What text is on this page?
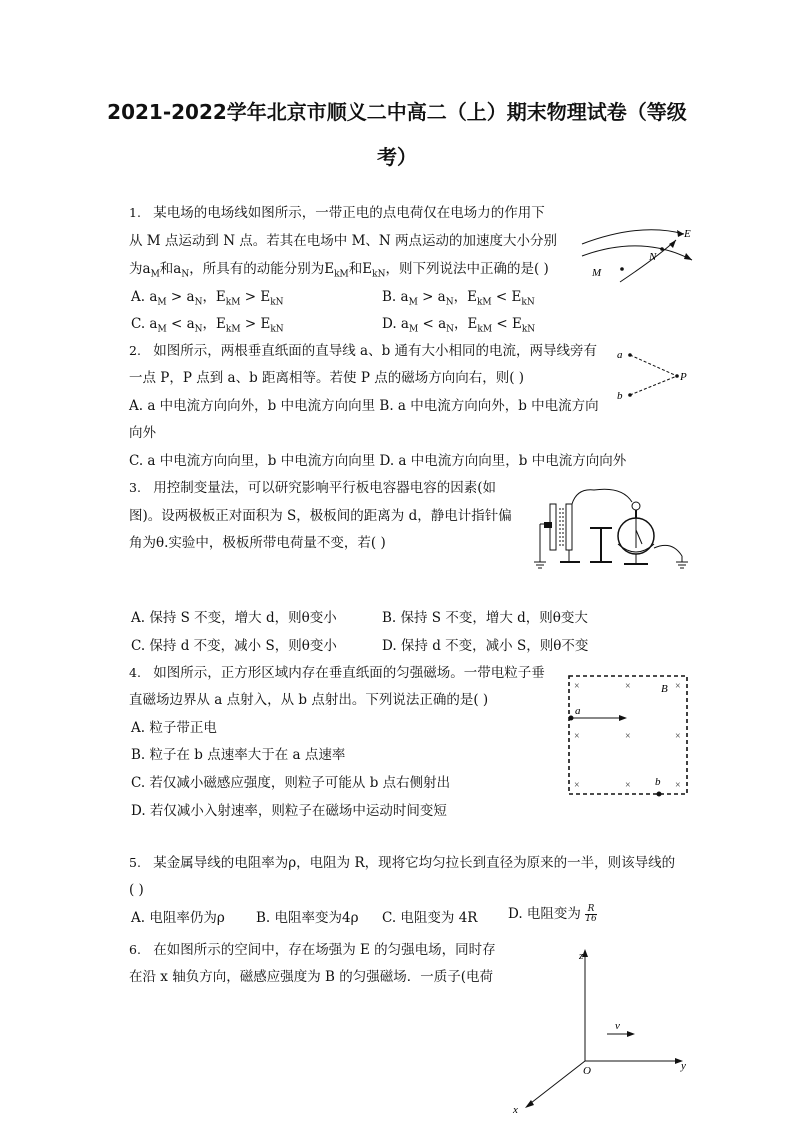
2021-2022学年北京市顺义二中高二（上）期末物理试卷（等级
考）
1. 某电场的电场线如图所示，一带正电的点电荷仅在电场力的作用下
从 M 点运动到 N 点。若其在电场中 M、N 两点运动的加速度大小分别
为$a_M$和$a_N$，所具有的动能分别为$E_{kM}$和$E_{kN}$，则下列说法中正确的是( )
A. $a_M > a_N$，$E_{kM} > E_{kN}$	B. $a_M > a_N$，$E_{kM} < E_{kN}$
C. $a_M < a_N$，$E_{kM} > E_{kN}$	D. $a_M < a_N$，$E_{kM} < E_{kN}$
E
N
M
2. 如图所示，两根垂直纸面的直导线 a、b 通有大小相同的电流，两导线旁有
一点 P，P 点到 a、b 距离相等。若使 P 点的磁场方向向右，则( )
A. a 中电流方向向外，b 中电流方向向里 B. a 中电流方向向外，b 中电流方向
向外
C. a 中电流方向向里，b 中电流方向向里 D. a 中电流方向向里，b 中电流方向向外
a
b
P
3. 用控制变量法，可以研究影响平行板电容器电容的因素(如
图)。设两极板正对面积为 S，极板间的距离为 d，静电计指针偏
角为θ.实验中，极板所带电荷量不变，若( )
A. 保持 S 不变，增大 d，则θ变小	B. 保持 S 不变，增大 d，则θ变大
C. 保持 d 不变，减小 S，则θ变小	D. 保持 d 不变，减小 S，则θ不变
4. 如图所示，正方形区域内存在垂直纸面的匀强磁场。一带电粒子垂
直磁场边界从 a 点射入，从 b 点射出。下列说法正确的是( )
A. 粒子带正电
B. 粒子在 b 点速率大于在 a 点速率
C. 若仅减小磁感应强度，则粒子可能从 b 点右侧射出
D. 若仅减小入射速率，则粒子在磁场中运动时间变短
×	×	×
×	×	×
×	×	×
B
a
b
5. 某金属导线的电阻率为ρ，电阻为 R，现将它均匀拉长到直径为原来的一半，则该导线的
( )
A. 电阻率仍为ρ B. 电阻率变为4ρ C. 电阻变为 4R D. 电阻变为 $\frac{R}{16}$
6. 在如图所示的空间中，存在场强为 E 的匀强电场，同时存
在沿 x 轴负方向，磁感应强度为 B 的匀强磁场．一质子(电荷
z
y
x
O
v
